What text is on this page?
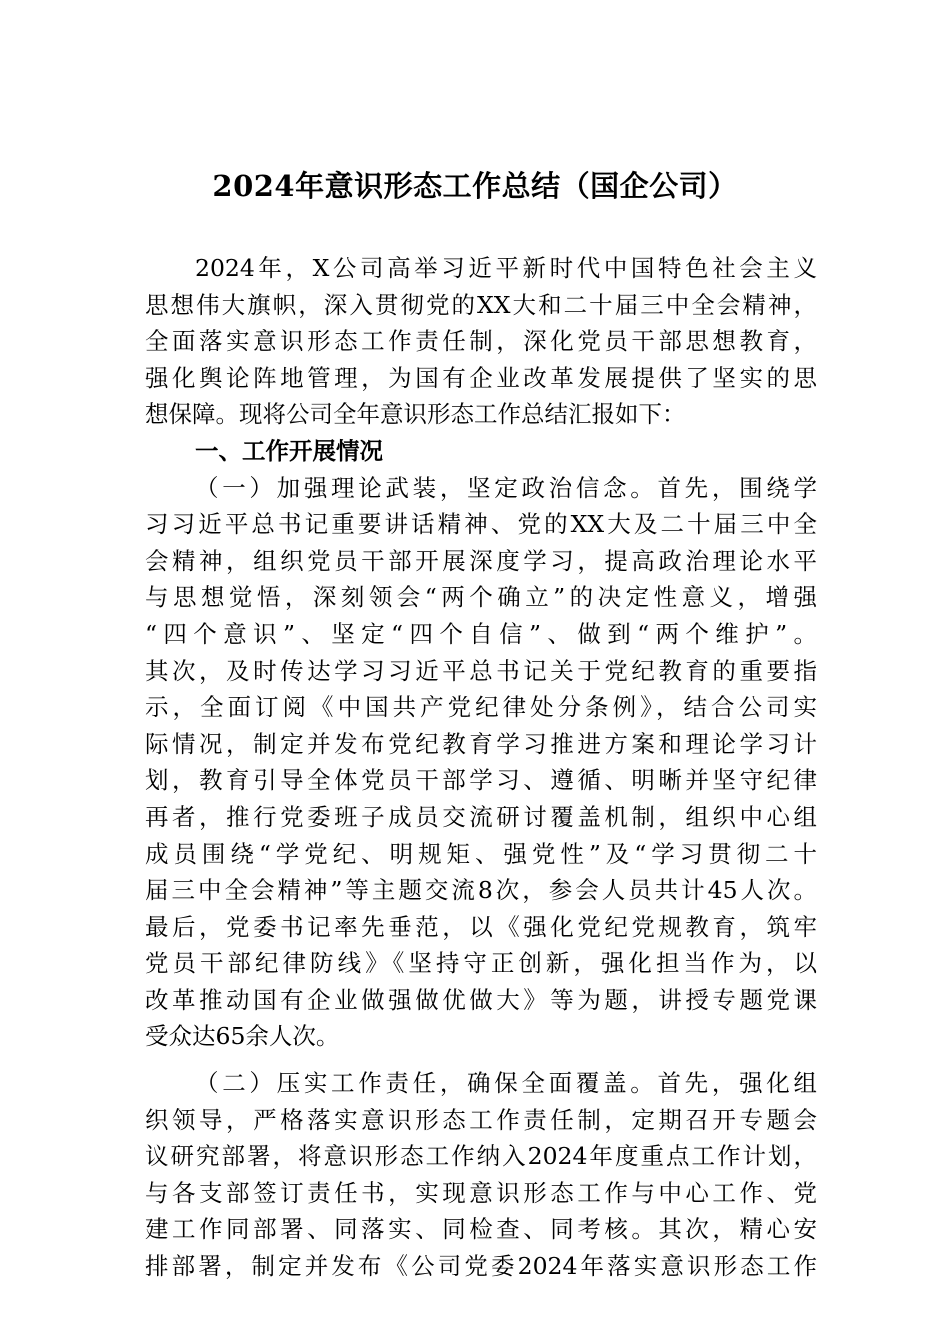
2024年意识形态工作总结（国企公司）
2024年，X公司高举习近平新时代中国特色社会主义
思想伟大旗帜，深入贯彻党的XX大和二十届三中全会精神，
全面落实意识形态工作责任制，深化党员干部思想教育，
强化舆论阵地管理，为国有企业改革发展提供了坚实的思
想保障。现将公司全年意识形态工作总结汇报如下：
一、工作开展情况
（一）加强理论武装，坚定政治信念。首先，围绕学
习习近平总书记重要讲话精神、党的XX大及二十届三中全
会精神，组织党员干部开展深度学习，提高政治理论水平
与思想觉悟，深刻领会“两个确立”的决定性意义，增强
“四个意识”、坚定“四个自信”、做到“两个维护”。
其次，及时传达学习习近平总书记关于党纪教育的重要指
示，全面订阅《中国共产党纪律处分条例》，结合公司实
际情况，制定并发布党纪教育学习推进方案和理论学习计
划，教育引导全体党员干部学习、遵循、明晰并坚守纪律
再者，推行党委班子成员交流研讨覆盖机制，组织中心组
成员围绕“学党纪、明规矩、强党性”及“学习贯彻二十
届三中全会精神”等主题交流8次，参会人员共计45人次。
最后，党委书记率先垂范，以《强化党纪党规教育，筑牢
党员干部纪律防线》《坚持守正创新，强化担当作为，以
改革推动国有企业做强做优做大》等为题，讲授专题党课
受众达65余人次。
（二）压实工作责任，确保全面覆盖。首先，强化组
织领导，严格落实意识形态工作责任制，定期召开专题会
议研究部署，将意识形态工作纳入2024年度重点工作计划，
与各支部签订责任书，实现意识形态工作与中心工作、党
建工作同部署、同落实、同检查、同考核。其次，精心安
排部署，制定并发布《公司党委2024年落实意识形态工作
